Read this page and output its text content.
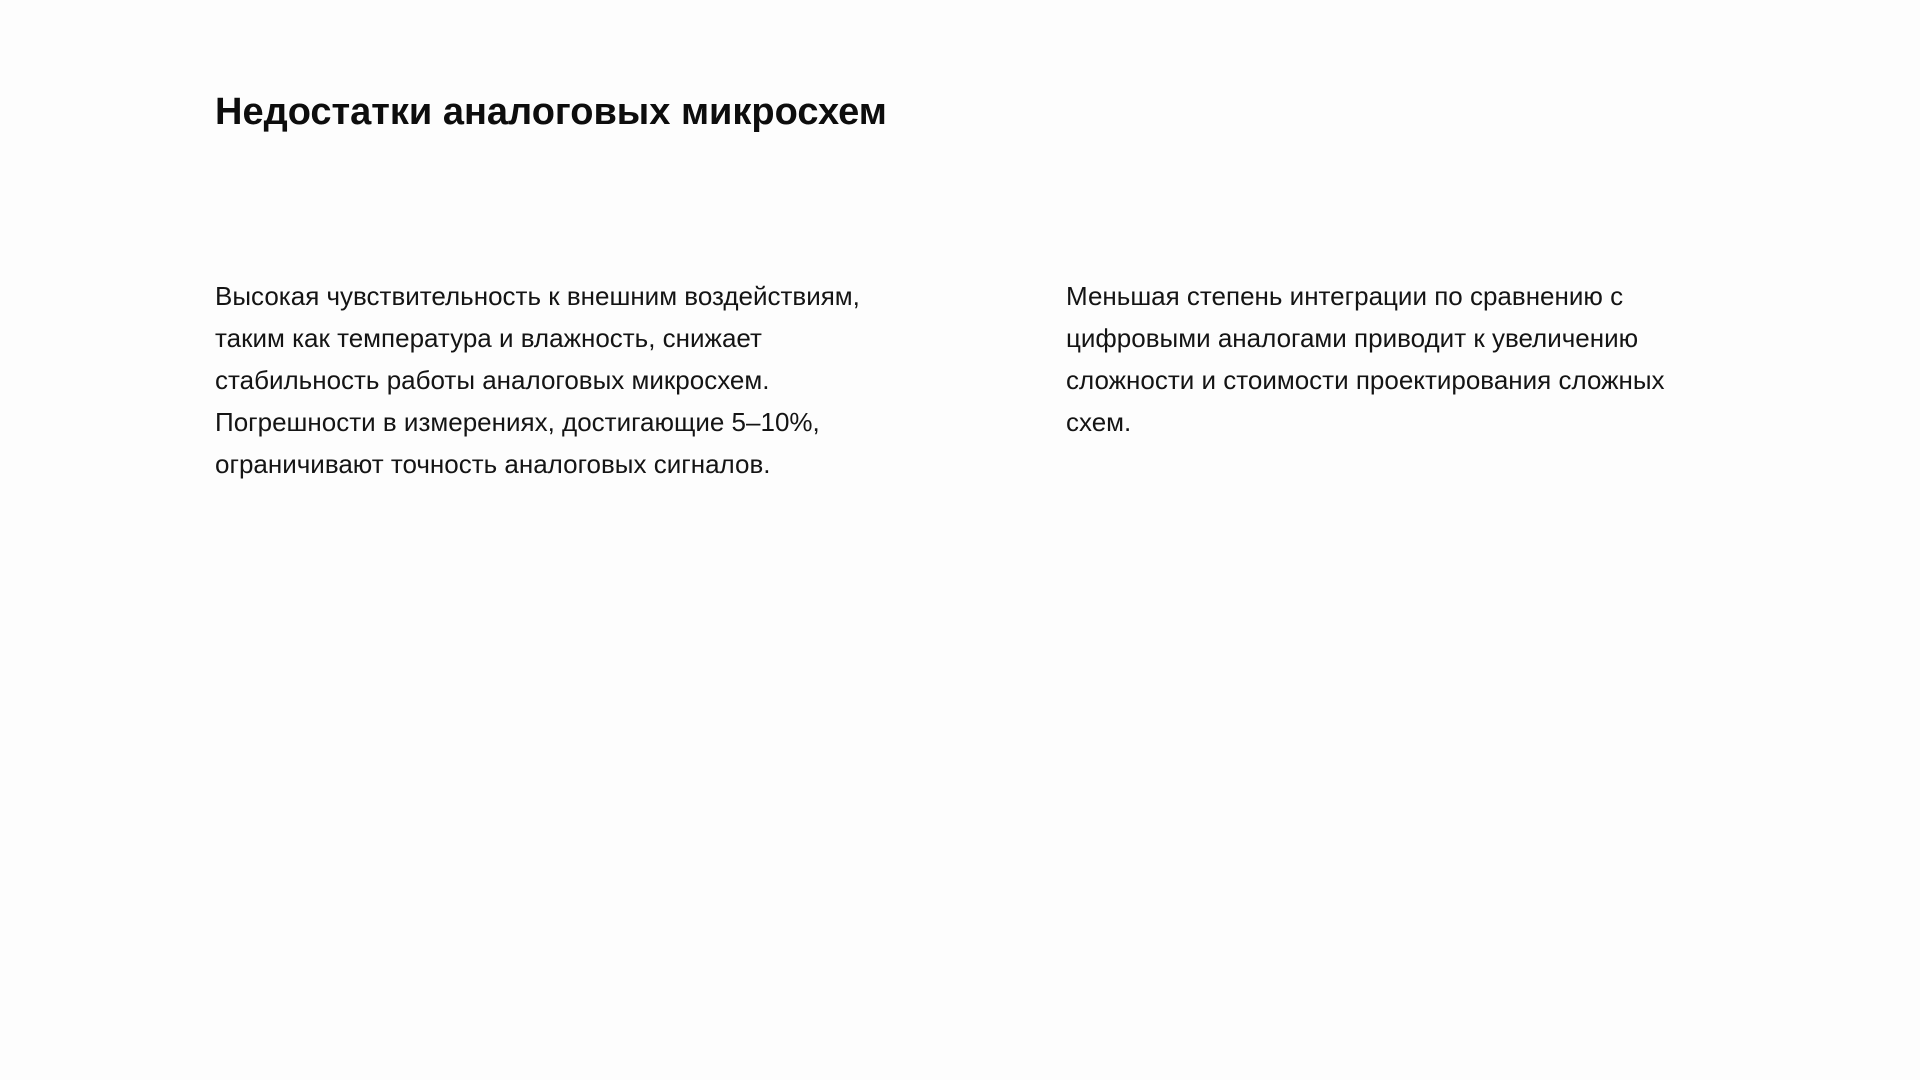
Недостатки аналоговых микросхем

Высокая чувствительность к внешним воздействиям, таким как температура и влажность, снижает стабильность работы аналоговых микросхем. Погрешности в измерениях, достигающие 5–10%, ограничивают точность аналоговых сигналов.

Меньшая степень интеграции по сравнению с цифровыми аналогами приводит к увеличению сложности и стоимости проектирования сложных схем.
